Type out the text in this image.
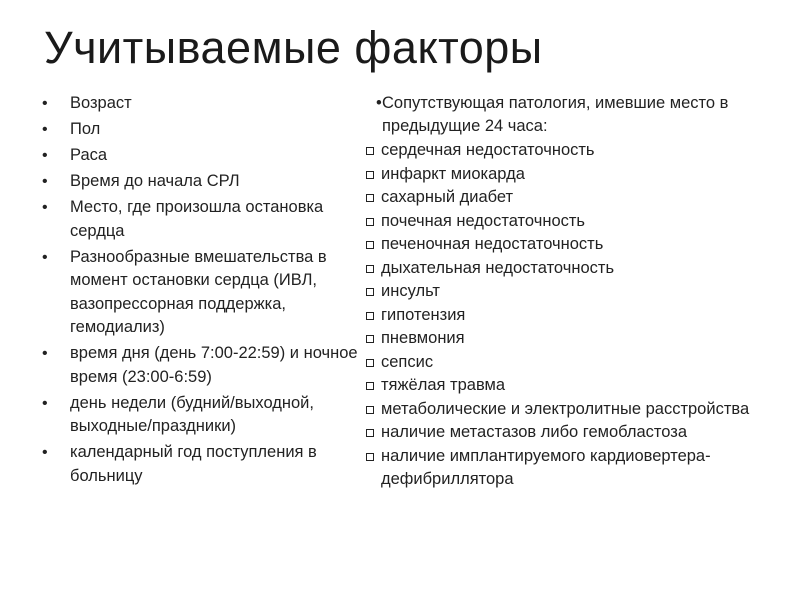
Учитываемые факторы
• Возраст
• Пол
• Раса
• Время до начала СРЛ
• Место, где произошла остановка сердца
• Разнообразные вмешательства в момент остановки сердца (ИВЛ, вазопрессорная поддержка, гемодиализ)
• время дня (день 7:00-22:59) и ночное время (23:00-6:59)
• день недели (будний/выходной, выходные/праздники)
• календарный год поступления в больницу
• Сопутствующая патология, имевшие место в предыдущие 24 часа:
сердечная недостаточность
инфаркт миокарда
сахарный диабет
почечная недостаточность
печеночная недостаточность
дыхательная недостаточность
инсульт
гипотензия
пневмония
сепсис
тяжёлая травма
метаболические и электролитные расстройства
наличие метастазов либо гемобластоза
наличие имплантируемого кардиовертера-дефибриллятора
